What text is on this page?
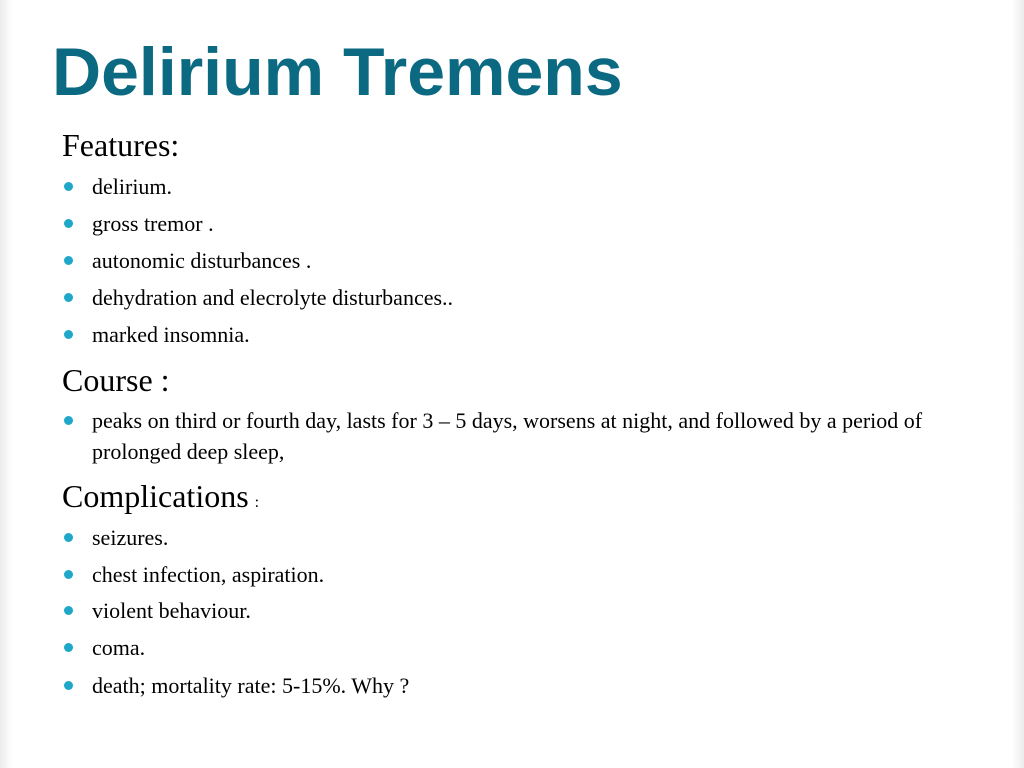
Delirium Tremens
Features:
delirium.
gross tremor .
autonomic disturbances .
dehydration and elecrolyte disturbances..
marked insomnia.
Course :
peaks on third or fourth day, lasts for 3 – 5 days, worsens at night, and followed by a period of prolonged deep sleep,
Complications :
seizures.
chest infection, aspiration.
violent behaviour.
coma.
death; mortality rate: 5-15%. Why ?
